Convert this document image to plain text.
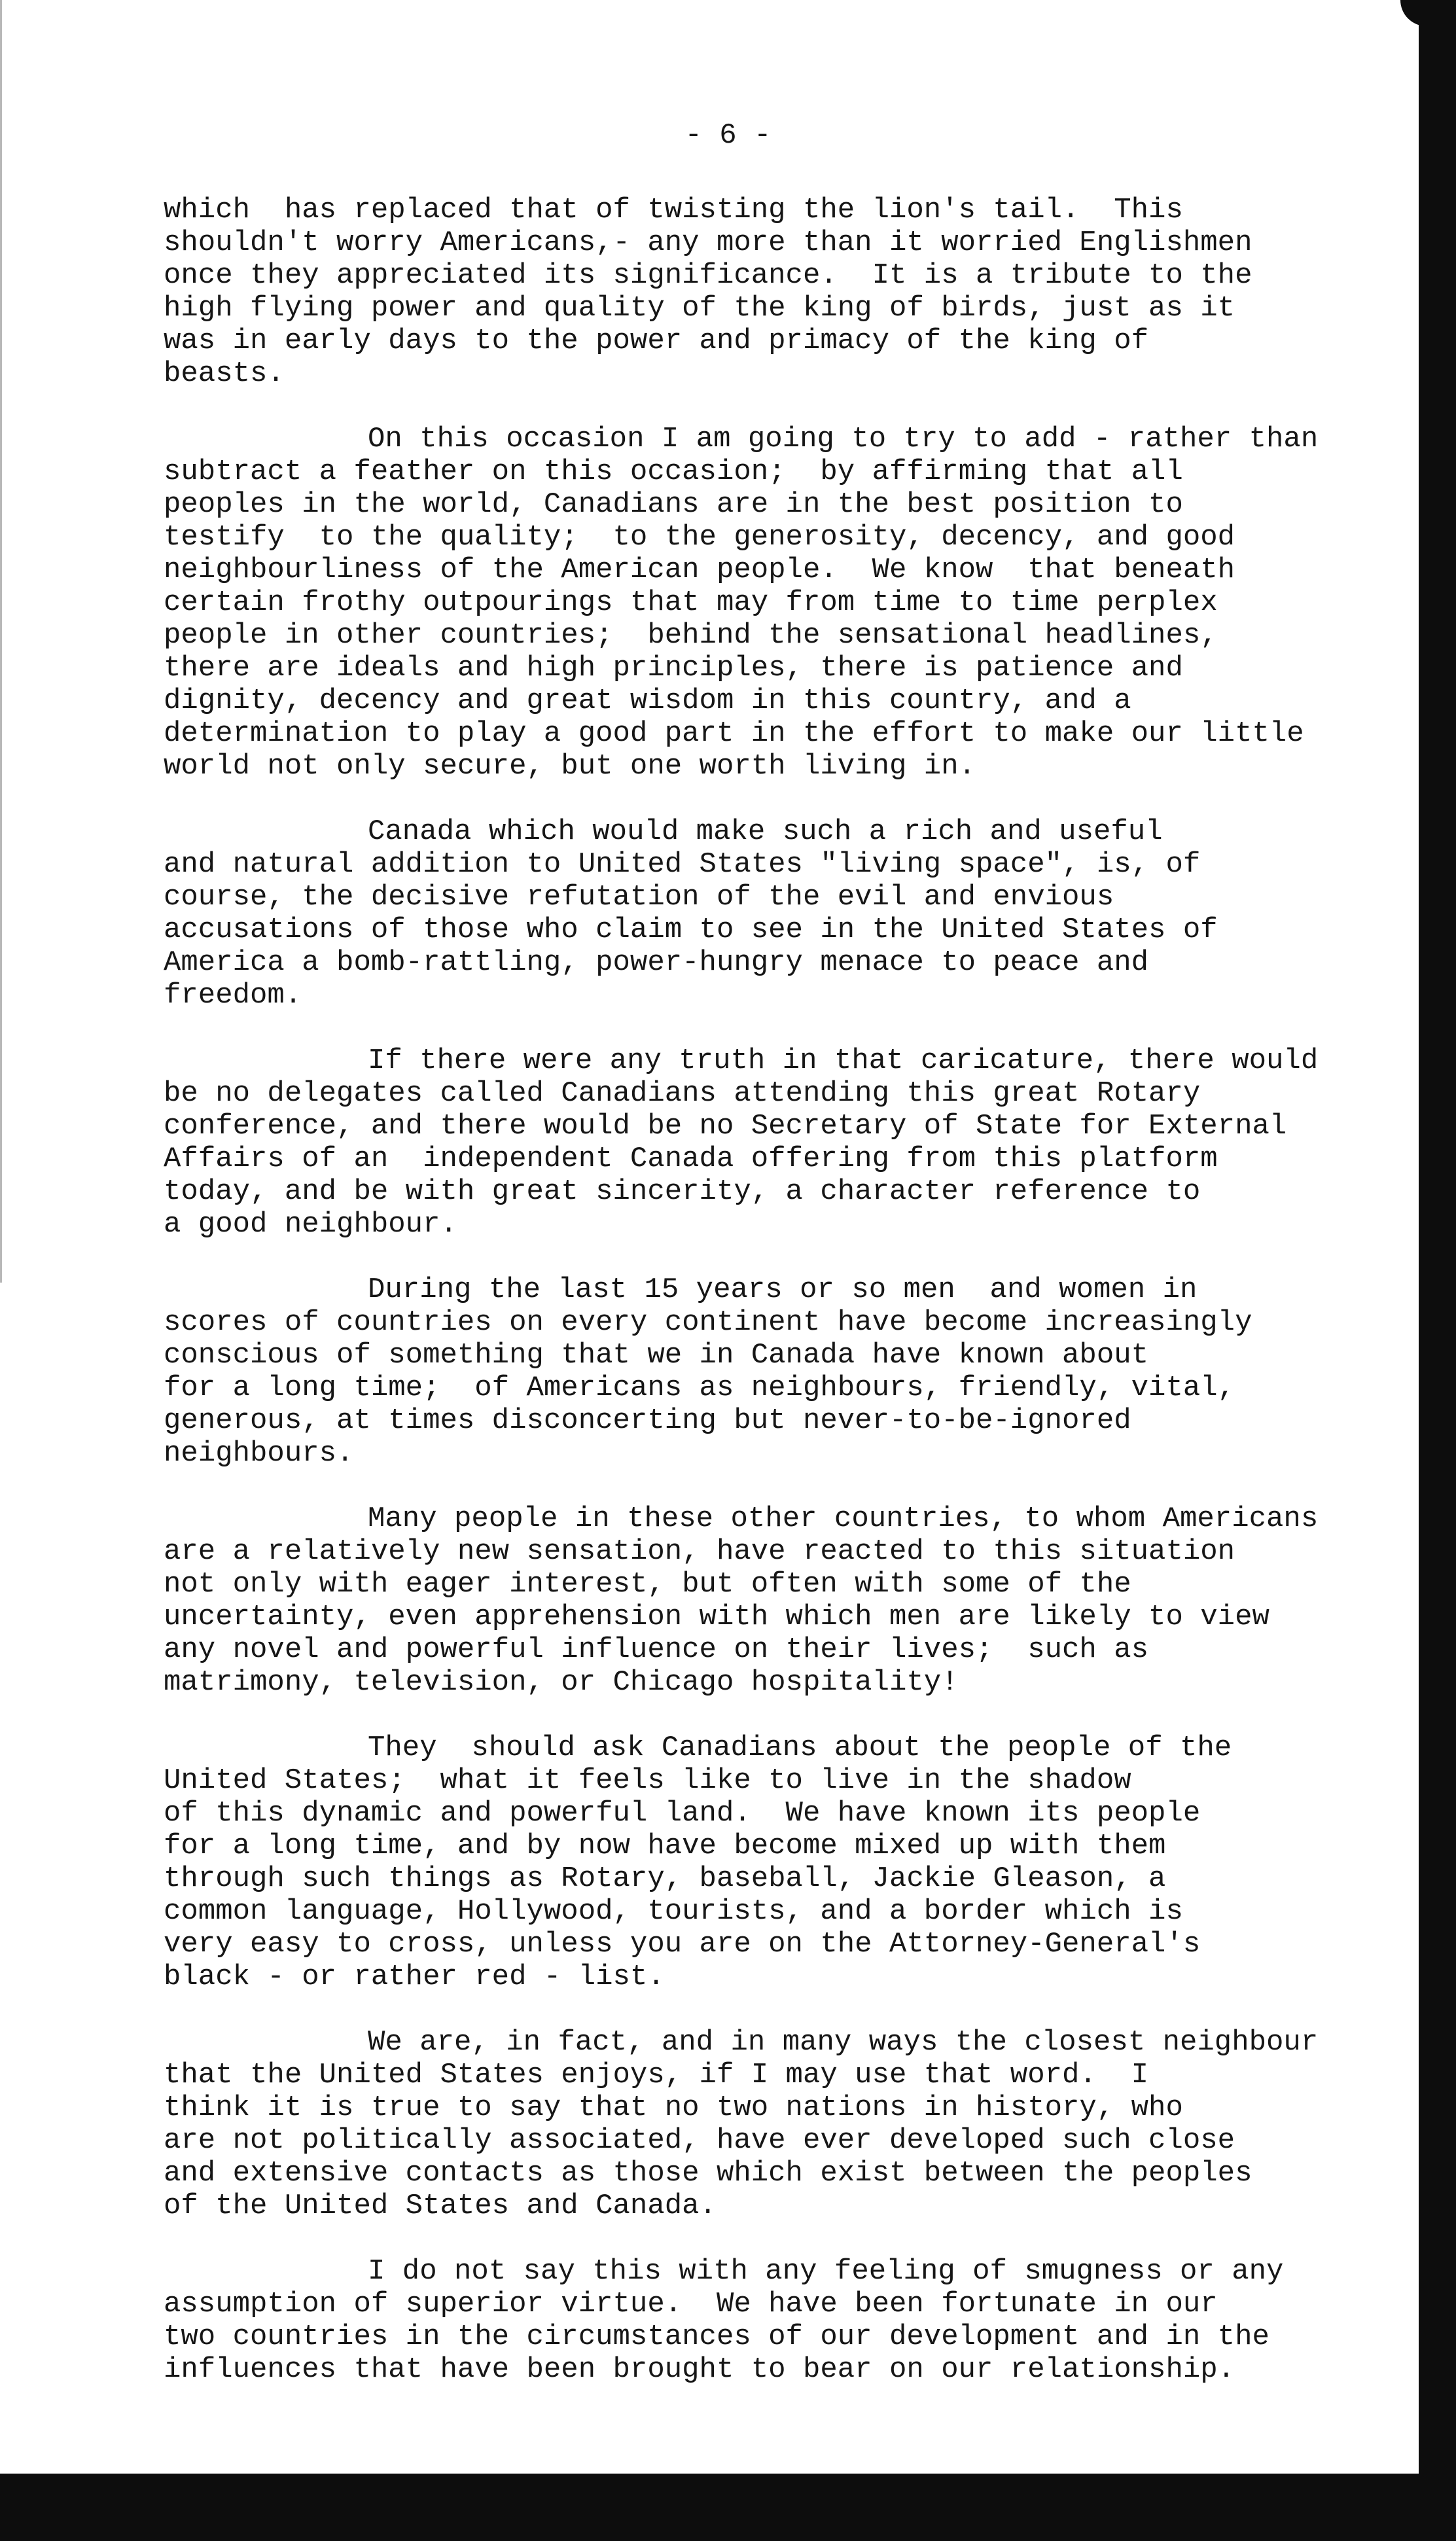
- 6 -
which  has replaced that of twisting the lion's tail.  This
shouldn't worry Americans,- any more than it worried Englishmen
once they appreciated its significance.  It is a tribute to the
high flying power and quality of the king of birds, just as it
was in early days to the power and primacy of the king of
beasts.
On this occasion I am going to try to add - rather than
subtract a feather on this occasion;  by affirming that all
peoples in the world, Canadians are in the best position to
testify  to the quality;  to the generosity, decency, and good
neighbourliness of the American people.  We know  that beneath
certain frothy outpourings that may from time to time perplex
people in other countries;  behind the sensational headlines,
there are ideals and high principles, there is patience and
dignity, decency and great wisdom in this country, and a
determination to play a good part in the effort to make our little
world not only secure, but one worth living in.
Canada which would make such a rich and useful
and natural addition to United States "living space", is, of
course, the decisive refutation of the evil and envious
accusations of those who claim to see in the United States of
America a bomb-rattling, power-hungry menace to peace and
freedom.
If there were any truth in that caricature, there would
be no delegates called Canadians attending this great Rotary
conference, and there would be no Secretary of State for External
Affairs of an  independent Canada offering from this platform
today, and be with great sincerity, a character reference to
a good neighbour.
During the last 15 years or so men  and women in
scores of countries on every continent have become increasingly
conscious of something that we in Canada have known about
for a long time;  of Americans as neighbours, friendly, vital,
generous, at times disconcerting but never-to-be-ignored
neighbours.
Many people in these other countries, to whom Americans
are a relatively new sensation, have reacted to this situation
not only with eager interest, but often with some of the
uncertainty, even apprehension with which men are likely to view
any novel and powerful influence on their lives;  such as
matrimony, television, or Chicago hospitality!
They  should ask Canadians about the people of the
United States;  what it feels like to live in the shadow
of this dynamic and powerful land.  We have known its people
for a long time, and by now have become mixed up with them
through such things as Rotary, baseball, Jackie Gleason, a
common language, Hollywood, tourists, and a border which is
very easy to cross, unless you are on the Attorney-General's
black - or rather red - list.
We are, in fact, and in many ways the closest neighbour
that the United States enjoys, if I may use that word.  I
think it is true to say that no two nations in history, who
are not politically associated, have ever developed such close
and extensive contacts as those which exist between the peoples
of the United States and Canada.
I do not say this with any feeling of smugness or any
assumption of superior virtue.  We have been fortunate in our
two countries in the circumstances of our development and in the
influences that have been brought to bear on our relationship.
